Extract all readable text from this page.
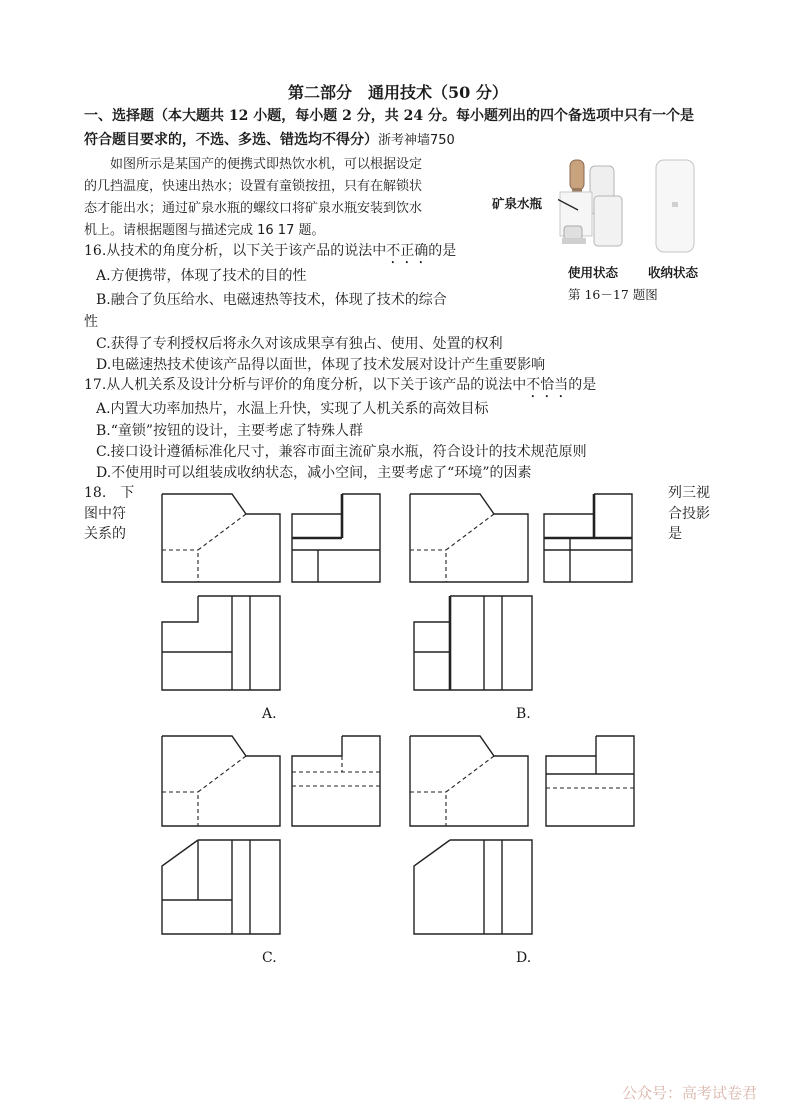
第二部分　通用技术（50 分）
一、选择题（本大题共 12 小题，每小题 2 分，共 24 分。每小题列出的四个备选项中只有一个是
符合题目要求的，不选、多选、错选均不得分）浙考神墙750
如图所示是某国产的便携式即热饮水机，可以根据设定
的几挡温度，快速出热水；设置有童锁按扭，只有在解锁状
态才能出水；通过矿泉水瓶的螺纹口将矿泉水瓶安装到饮水
机上。请根据题图与描述完成 16 17 题。
矿泉水瓶
使用状态 收纳状态
第 16－17 题图
16.从技术的角度分析，以下关于该产品的说法中不正确的是
A.方便携带，体现了技术的目的性
B.融合了负压给水、电磁速热等技术，体现了技术的综合
性
C.获得了专利授权后将永久对该成果享有独占、使用、处置的权利
D.电磁速热技术使该产品得以面世，体现了技术发展对设计产生重要影响
17.从人机关系及设计分析与评价的角度分析，以下关于该产品的说法中不恰当的是
A.内置大功率加热片，水温上升快，实现了人机关系的高效目标
B.“童锁”按钮的设计，主要考虑了特殊人群
C.接口设计遵循标准化尺寸，兼容市面主流矿泉水瓶，符合设计的技术规范原则
D.不使用时可以组装成收纳状态，减小空间，主要考虑了“环境”的因素
18.　下
图中符
关系的
列三视
合投影
是
A.	B.
C.	D.
公众号：高考试卷君
